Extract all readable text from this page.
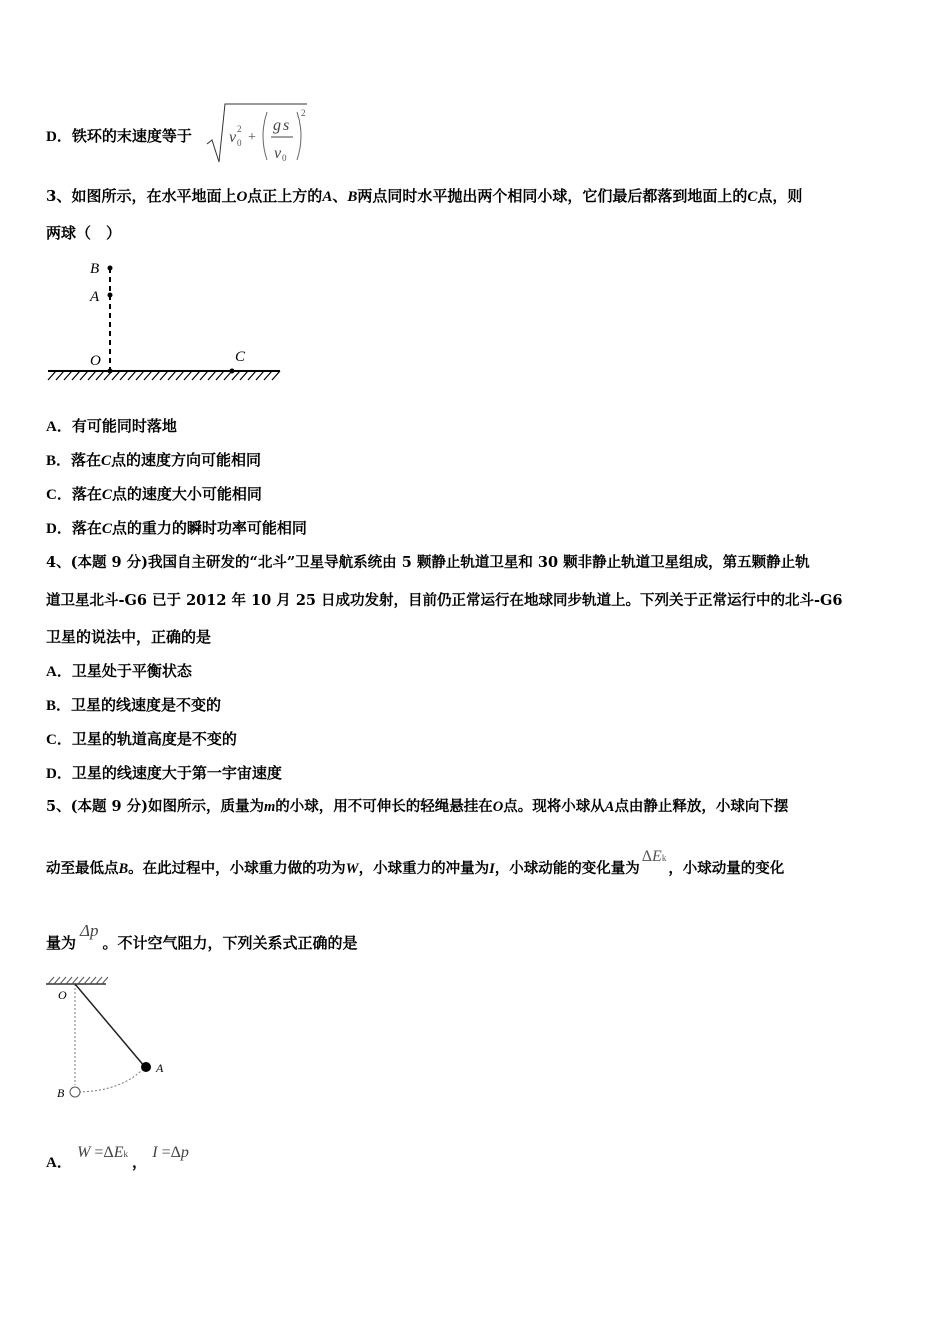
D．铁环的末速度等于 v 0
2
+
g s
v 0
2
3、如图所示，在水平地面上O点正上方的A、B两点同时水平抛出两个相同小球，它们最后都落到地面上的C点，则
两球（　）
B
A
O	C
A．有可能同时落地
B．落在C点的速度方向可能相同
C．落在C点的速度大小可能相同
D．落在C点的重力的瞬时功率可能相同
4、(本题 9 分)我国自主研发的“北斗”卫星导航系统由 5 颗静止轨道卫星和 30 颗非静止轨道卫星组成，第五颗静止轨
道卫星北斗-G6 已于 2012 年 10 月 25 日成功发射，目前仍正常运行在地球同步轨道上。下列关于正常运行中的北斗-G6
卫星的说法中，正确的是
A．卫星处于平衡状态
B．卫星的线速度是不变的
C．卫星的轨道高度是不变的
D．卫星的线速度大于第一宇宙速度
5、(本题 9 分)如图所示，质量为m的小球，用不可伸长的轻绳悬挂在O点。现将小球从A点由静止释放，小球向下摆
动至最低点B。在此过程中，小球重力做的功为W，小球重力的冲量为I，小球动能的变化量为ΔEk，小球动量的变化
量为Δp。不计空气阻力，下列关系式正确的是
O
A
B
A． W =ΔEk ， I =Δp
